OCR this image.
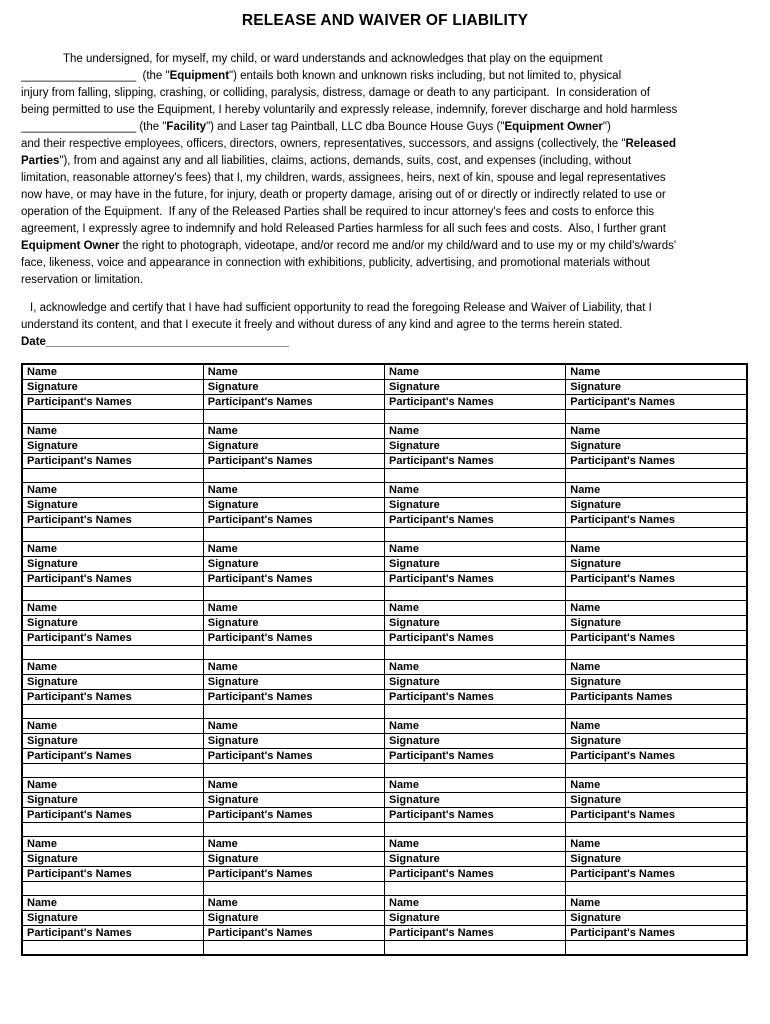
RELEASE AND WAIVER OF LIABILITY
The undersigned, for myself, my child, or ward understands and acknowledges that play on the equipment
__________________  (the "Equipment") entails both known and unknown risks including, but not limited to, physical
injury from falling, slipping, crashing, or colliding, paralysis, distress, damage or death to any participant.  In consideration of
being permitted to use the Equipment, I hereby voluntarily and expressly release, indemnify, forever discharge and hold harmless
__________________ (the "Facility") and Laser tag Paintball, LLC dba Bounce House Guys ("Equipment Owner")
and their respective employees, officers, directors, owners, representatives, successors, and assigns (collectively, the "Released
Parties"), from and against any and all liabilities, claims, actions, demands, suits, cost, and expenses (including, without
limitation, reasonable attorney's fees) that I, my children, wards, assignees, heirs, next of kin, spouse and legal representatives
now have, or may have in the future, for injury, death or property damage, arising out of or directly or indirectly related to use or
operation of the Equipment.  If any of the Released Parties shall be required to incur attorney's fees and costs to enforce this
agreement, I expressly agree to indemnify and hold Released Parties harmless for all such fees and costs.  Also, I further grant
Equipment Owner the right to photograph, videotape, and/or record me and/or my child/ward and to use my or my child's/wards'
face, likeness, voice and appearance in connection with exhibitions, publicity, advertising, and promotional materials without
reservation or limitation.
I, acknowledge and certify that I have had sufficient opportunity to read the foregoing Release and Waiver of Liability, that I
understand its content, and that I execute it freely and without duress of any kind and agree to the terms herein stated.
Date______________________________________
Name	Name	Name	Name
Signature	Signature	Signature	Signature
Participant's Names	Participant's Names	Participant's Names	Participant's Names

Name	Name	Name	Name
Signature	Signature	Signature	Signature
Participant's Names	Participant's Names	Participant's Names	Participant's Names

Name	Name	Name	Name
Signature	Signature	Signature	Signature
Participant's Names	Participant's Names	Participant's Names	Participant's Names

Name	Name	Name	Name
Signature	Signature	Signature	Signature
Participant's Names	Participant's Names	Participant's Names	Participant's Names

Name	Name	Name	Name
Signature	Signature	Signature	Signature
Participant's Names	Participant's Names	Participant's Names	Participant's Names

Name	Name	Name	Name
Signature	Signature	Signature	Signature
Participant's Names	Participant's Names	Participant's Names	Participants Names

Name	Name	Name	Name
Signature	Signature	Signature	Signature
Participant's Names	Participant's Names	Participant's Names	Participant's Names

Name	Name	Name	Name
Signature	Signature	Signature	Signature
Participant's Names	Participant's Names	Participant's Names	Participant's Names

Name	Name	Name	Name
Signature	Signature	Signature	Signature
Participant's Names	Participant's Names	Participant's Names	Participant's Names

Name	Name	Name	Name
Signature	Signature	Signature	Signature
Participant's Names	Participant's Names	Participant's Names	Participant's Names
